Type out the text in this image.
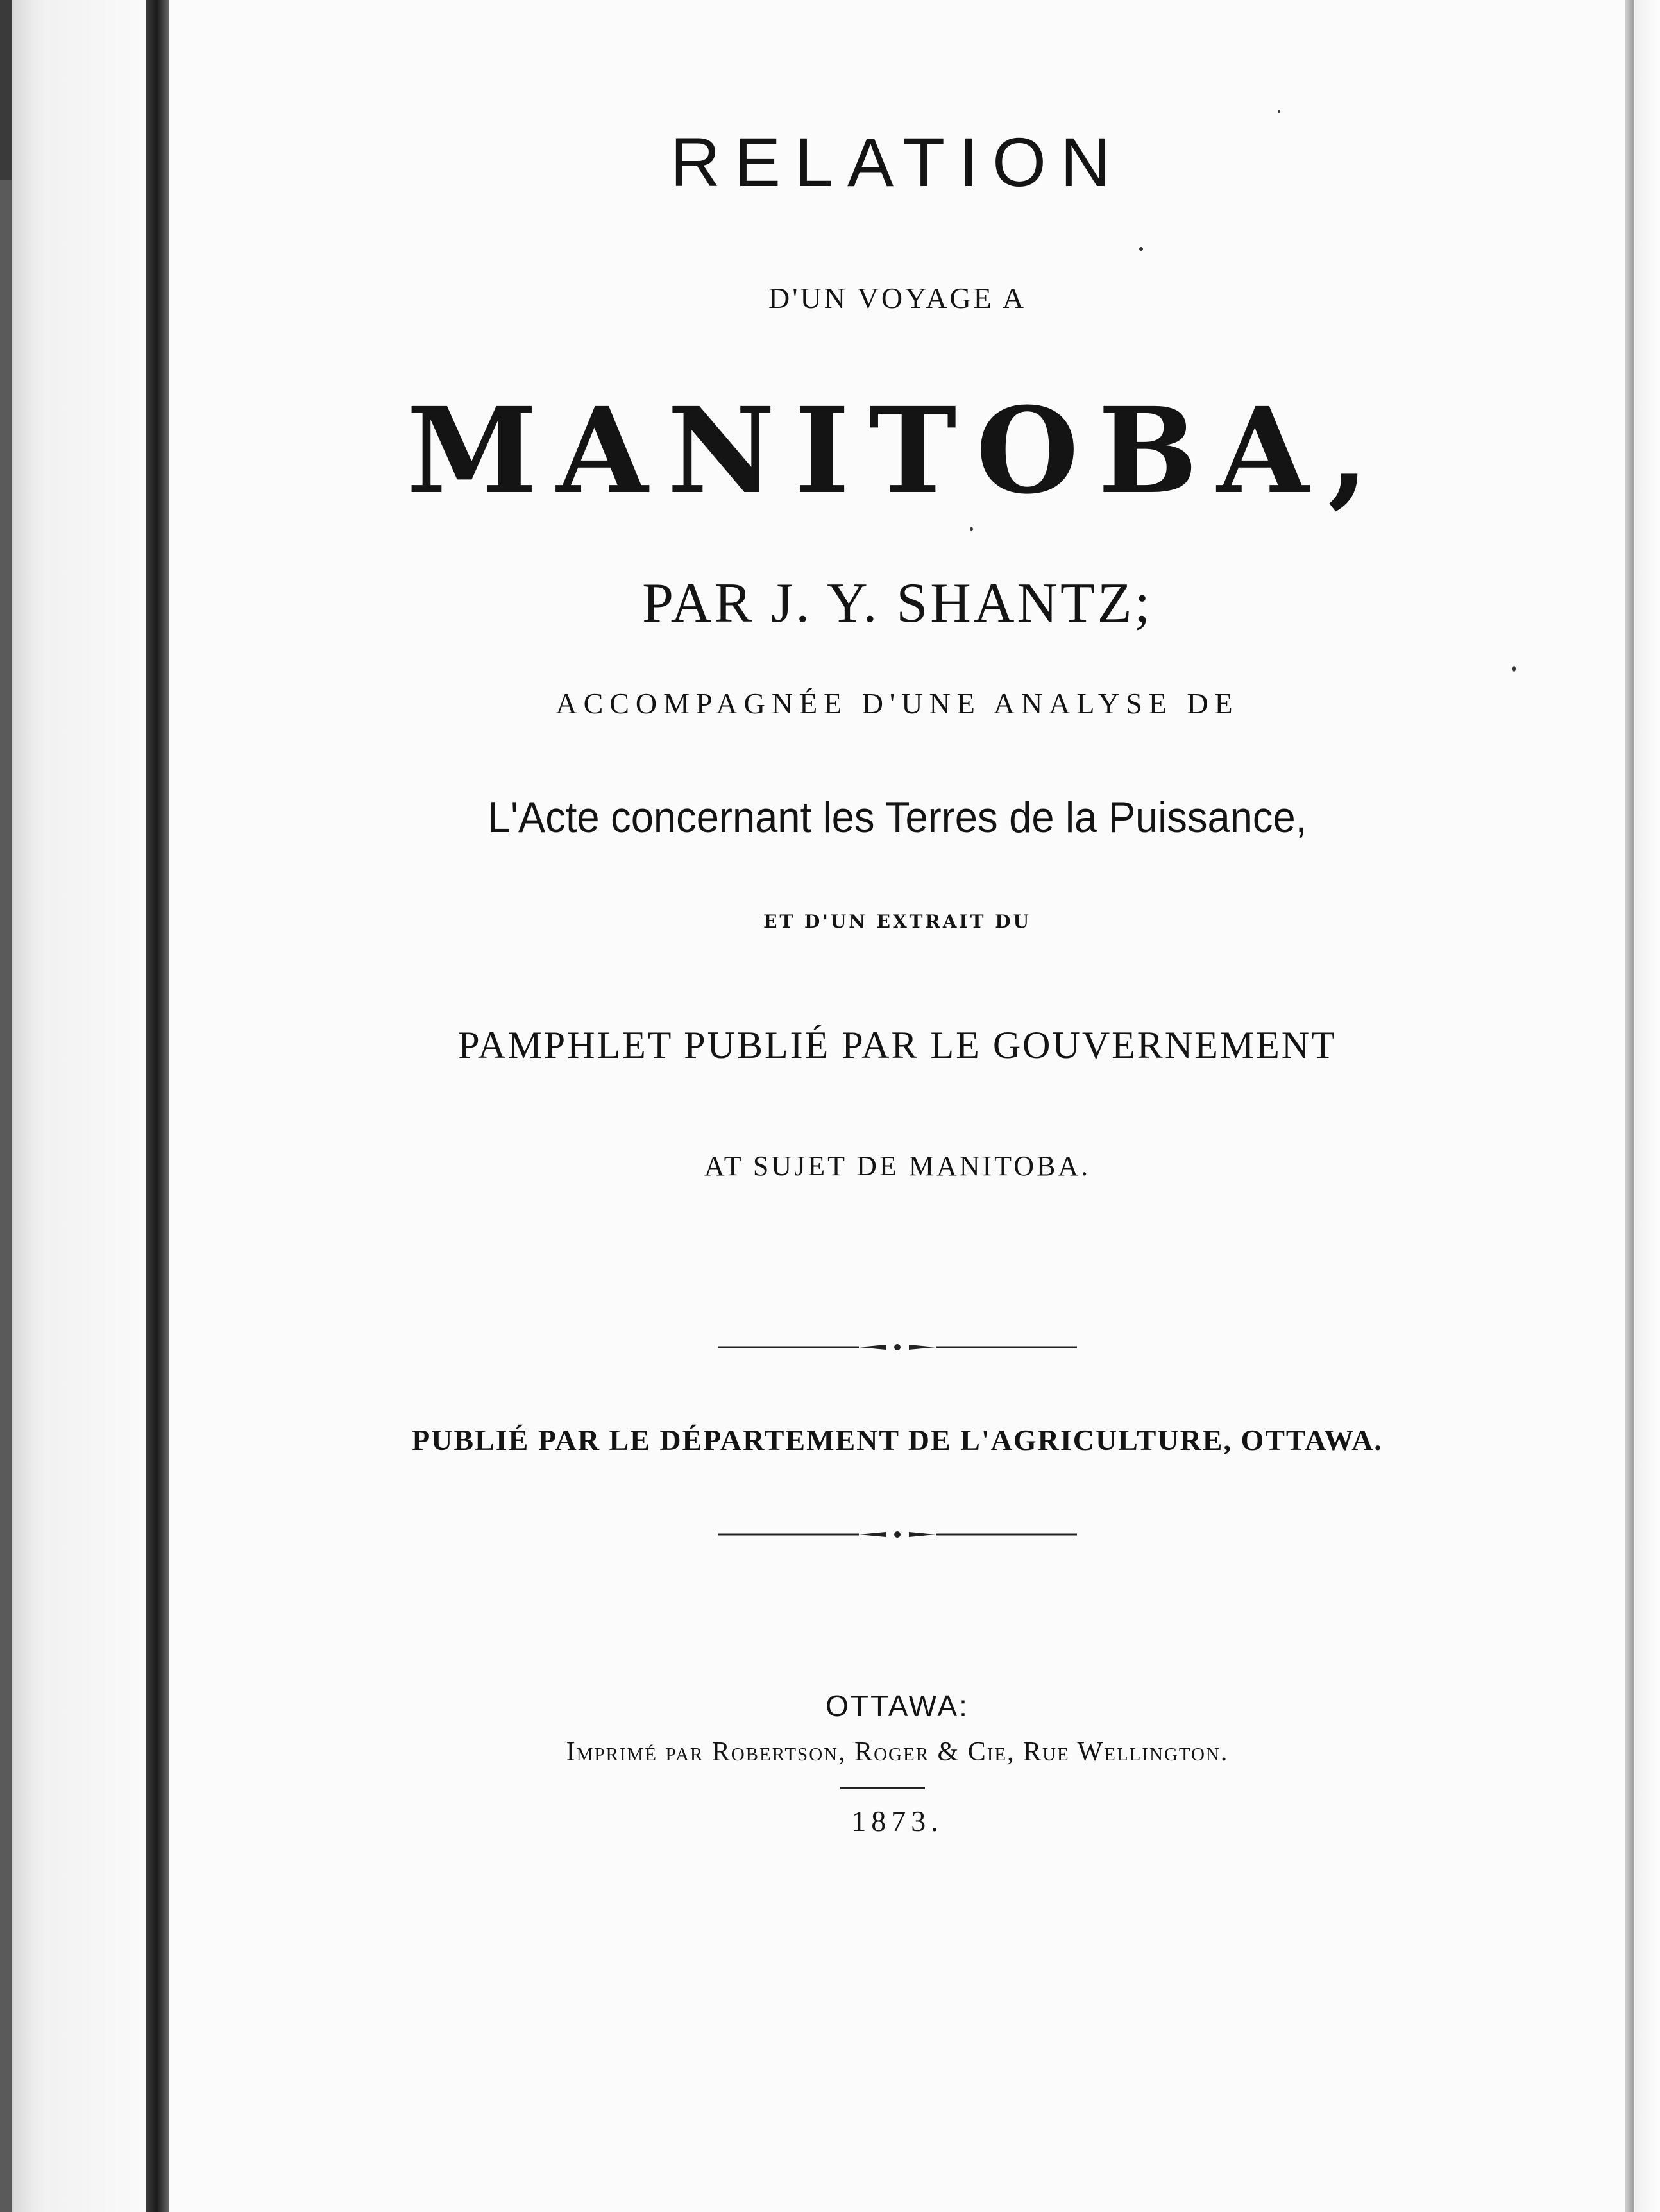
RELATION
D'UN VOYAGE A
MANITOBA,
PAR J. Y. SHANTZ;
ACCOMPAGNÉE D'UNE ANALYSE DE
L'Acte concernant les Terres de la Puissance,
ET D'UN EXTRAIT DU
PAMPHLET PUBLIÉ PAR LE GOUVERNEMENT
AT SUJET DE MANITOBA.
PUBLIÉ PAR LE DÉPARTEMENT DE L'AGRICULTURE, OTTAWA.
OTTAWA:
Imprimé par Robertson, Roger & Cie, Rue Wellington.
1873.
